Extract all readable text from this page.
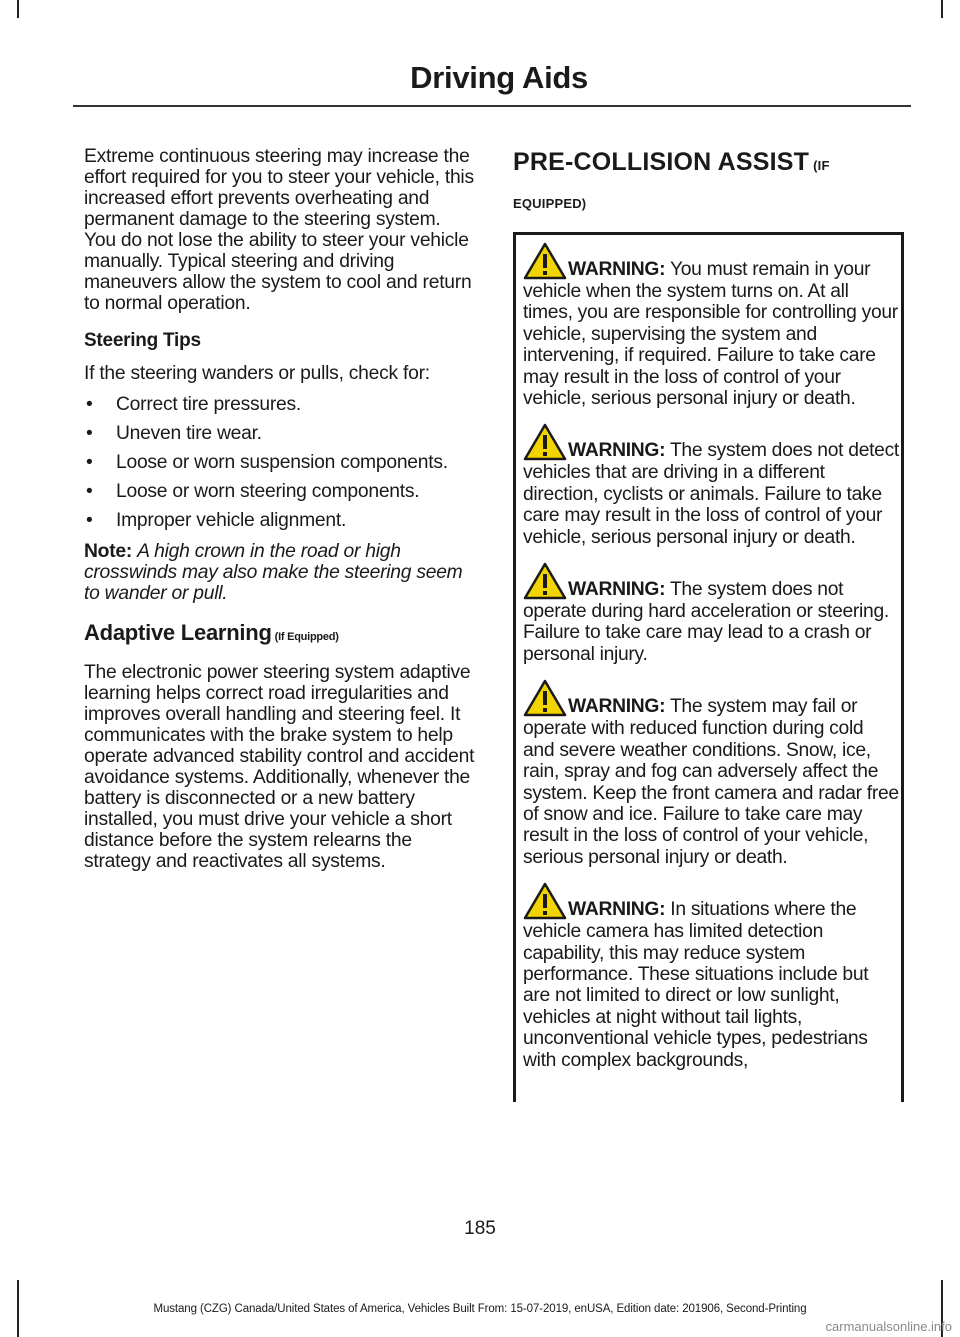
Driving Aids

Extreme continuous steering may increase the effort required for you to steer your vehicle, this increased effort prevents overheating and permanent damage to the steering system. You do not lose the ability to steer your vehicle manually. Typical steering and driving maneuvers allow the system to cool and return to normal operation.

Steering Tips

If the steering wanders or pulls, check for:

• Correct tire pressures.
• Uneven tire wear.
• Loose or worn suspension components.
• Loose or worn steering components.
• Improper vehicle alignment.

Note: A high crown in the road or high crosswinds may also make the steering seem to wander or pull.

Adaptive Learning (If Equipped)

The electronic power steering system adaptive learning helps correct road irregularities and improves overall handling and steering feel. It communicates with the brake system to help operate advanced stability control and accident avoidance systems. Additionally, whenever the battery is disconnected or a new battery installed, you must drive your vehicle a short distance before the system relearns the strategy and reactivates all systems.

PRE-COLLISION ASSIST (IF
EQUIPPED)
WARNING: You must remain in your vehicle when the system turns on. At all times, you are responsible for controlling your vehicle, supervising the system and intervening, if required. Failure to take care may result in the loss of control of your vehicle, serious personal injury or death.
WARNING: The system does not detect vehicles that are driving in a different direction, cyclists or animals. Failure to take care may result in the loss of control of your vehicle, serious personal injury or death.
WARNING: The system does not operate during hard acceleration or steering. Failure to take care may lead to a crash or personal injury.
WARNING: The system may fail or operate with reduced function during cold and severe weather conditions. Snow, ice, rain, spray and fog can adversely affect the system. Keep the front camera and radar free of snow and ice. Failure to take care may result in the loss of control of your vehicle, serious personal injury or death.
WARNING: In situations where the vehicle camera has limited detection capability, this may reduce system performance. These situations include but are not limited to direct or low sunlight, vehicles at night without tail lights, unconventional vehicle types, pedestrians with complex backgrounds,
185
Mustang (CZG) Canada/United States of America, Vehicles Built From: 15-07-2019, enUSA, Edition date: 201906, Second-Printing
carmanualsonline.info
